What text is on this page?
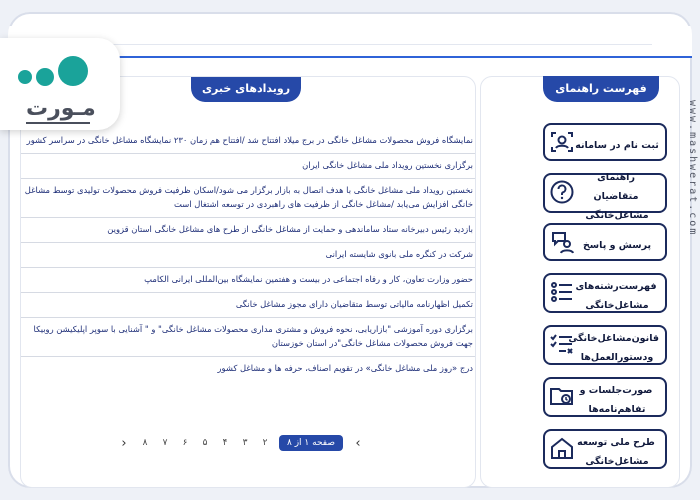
رویدادهای خبری
نمایشگاه فروش محصولات مشاغل خانگی در برج میلاد افتتاح شد /افتتاح هم زمان ۲۳۰ نمایشگاه مشاغل خانگی در سراسر کشور
برگزاری نخستین رویداد ملی مشاغل خانگی ایران
نخستین رویداد ملی مشاغل خانگی با هدف اتصال به بازار برگزار می شود/اسکان ظرفیت فروش محصولات تولیدی توسط مشاغل خانگی افزایش می‌یابد /مشاغل خانگی از ظرفیت های راهبردی در توسعه اشتغال است
بازدید رئیس دبیرخانه ستاد ساماندهی و حمایت از مشاغل خانگی از طرح های مشاغل خانگی استان قزوین
شرکت در کنگره ملی بانوی شایسته ایرانی
حضور وزارت تعاون، کار و رفاه اجتماعی در بیست و هفتمین نمایشگاه بین‌المللی ایرانی الکامپ
تکمیل اظهارنامه مالیاتی توسط متقاضیان دارای مجوز مشاغل خانگی
برگزاری دوره آموزشی "بازاریابی، نحوه فروش و مشتری مداری محصولات مشاغل خانگی" و " آشنایی با سوپر اپلیکیشن روبیکا جهت فروش محصولات مشاغل خانگی"در استان خوزستان
درج «روز ملی مشاغل خانگی» در تقویم اصناف، حرفه ها و مشاغل کشور
›
صفحه ۱ از ۸
۲
۳
۴
۵
۶
۷
۸
‹
فهرست راهنمای مراجعین
ثبت نام در سامانه
راهنمای متقاضیان مشاغل‌خانگی
پرسش و پاسخ
فهرست‌رشته‌های مشاغل‌خانگی
قانون‌مشاغل‌خانگی ودستورالعمل‌ها
صورت‌جلسات و تفاهم‌نامه‌ها
طرح ملی توسعه مشاغل‌خانگی
مـورت	www.mashwerat.com
